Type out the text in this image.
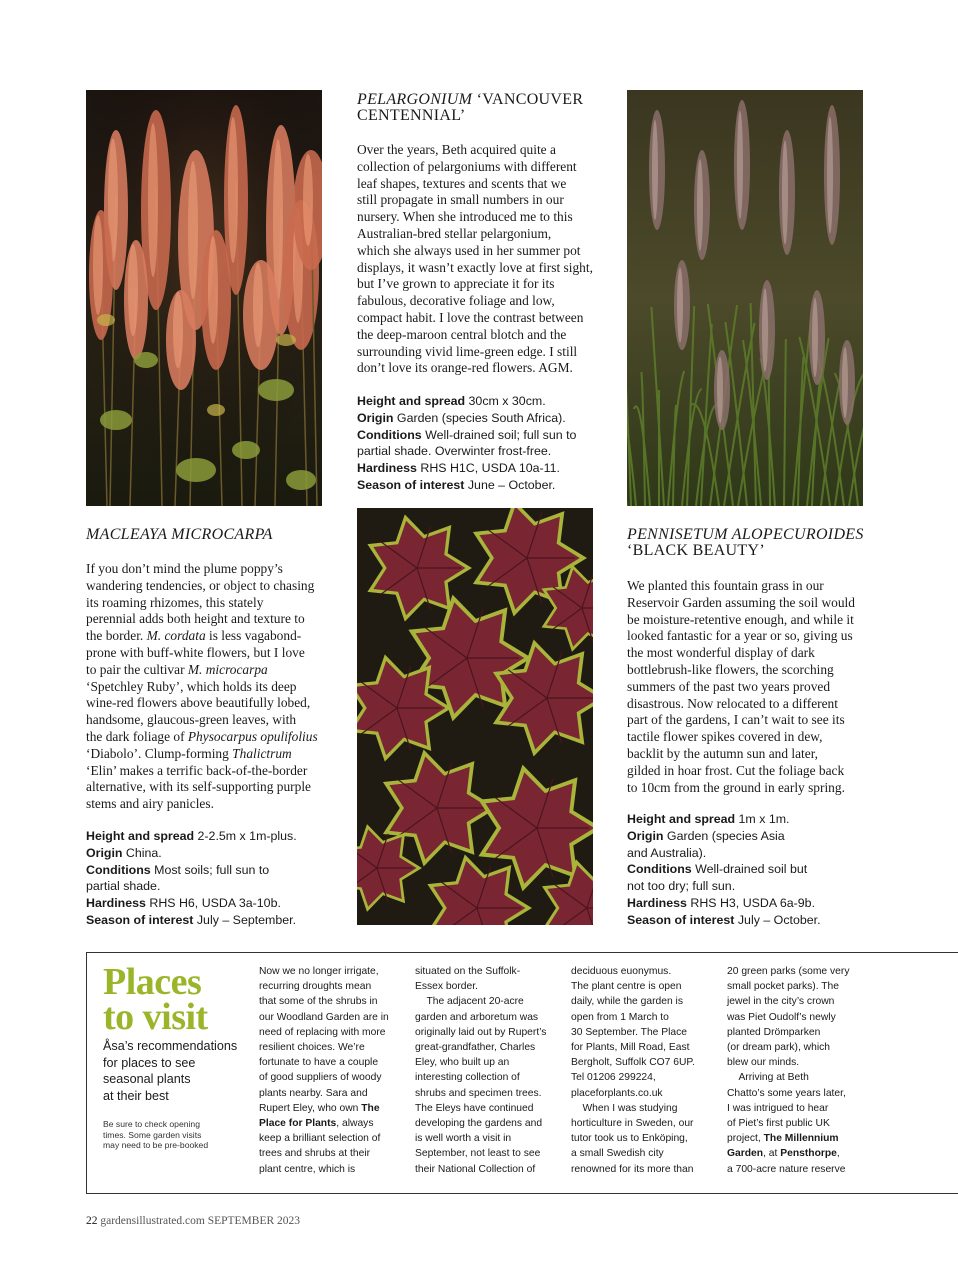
PELARGONIUM ‘VANCOUVER
CENTENNIAL’
Over the years, Beth acquired quite a
collection of pelargoniums with different
leaf shapes, textures and scents that we
still propagate in small numbers in our
nursery. When she introduced me to this
Australian-bred stellar pelargonium,
which she always used in her summer pot
displays, it wasn’t exactly love at first sight,
but I’ve grown to appreciate it for its
fabulous, decorative foliage and low,
compact habit. I love the contrast between
the deep-maroon central blotch and the
surrounding vivid lime-green edge. I still
don’t love its orange-red flowers. AGM.
Height and spread 30cm x 30cm.
Origin Garden (species South Africa).
Conditions Well-drained soil; full sun to
partial shade. Overwinter frost-free.
Hardiness RHS H1C, USDA 10a-11.
Season of interest June – October.
MACLEAYA MICROCARPA
If you don’t mind the plume poppy’s
wandering tendencies, or object to chasing
its roaming rhizomes, this stately
perennial adds both height and texture to
the border. M. cordata is less vagabond-
prone with buff-white flowers, but I love
to pair the cultivar M. microcarpa
‘Spetchley Ruby’, which holds its deep
wine-red flowers above beautifully lobed,
handsome, glaucous-green leaves, with
the dark foliage of Physocarpus opulifolius
‘Diabolo’. Clump-forming Thalictrum
‘Elin’ makes a terrific back-of-the-border
alternative, with its self-supporting purple
stems and airy panicles.
Height and spread 2-2.5m x 1m-plus.
Origin China.
Conditions Most soils; full sun to
partial shade.
Hardiness RHS H6, USDA 3a-10b.
Season of interest July – September.
PENNISETUM ALOPECUROIDES
‘BLACK BEAUTY’
We planted this fountain grass in our
Reservoir Garden assuming the soil would
be moisture-retentive enough, and while it
looked fantastic for a year or so, giving us
the most wonderful display of dark
bottlebrush-like flowers, the scorching
summers of the past two years proved
disastrous. Now relocated to a different
part of the gardens, I can’t wait to see its
tactile flower spikes covered in dew,
backlit by the autumn sun and later,
gilded in hoar frost. Cut the foliage back
to 10cm from the ground in early spring.
Height and spread 1m x 1m.
Origin Garden (species Asia
and Australia).
Conditions Well-drained soil but
not too dry; full sun.
Hardiness RHS H3, USDA 6a-9b.
Season of interest July – October.
Places
to visit
Åsa’s recommendations
for places to see
seasonal plants
at their best
Be sure to check opening
times. Some garden visits
may need to be pre-booked
Now we no longer irrigate,
recurring droughts mean
that some of the shrubs in
our Woodland Garden are in
need of replacing with more
resilient choices. We’re
fortunate to have a couple
of good suppliers of woody
plants nearby. Sara and
Rupert Eley, who own The
Place for Plants, always
keep a brilliant selection of
trees and shrubs at their
plant centre, which is
situated on the Suffolk-
Essex border.
The adjacent 20-acre
garden and arboretum was
originally laid out by Rupert’s
great-grandfather, Charles
Eley, who built up an
interesting collection of
shrubs and specimen trees.
The Eleys have continued
developing the gardens and
is well worth a visit in
September, not least to see
their National Collection of
deciduous euonymus.
The plant centre is open
daily, while the garden is
open from 1 March to
30 September. The Place
for Plants, Mill Road, East
Bergholt, Suffolk CO7 6UP.
Tel 01206 299224,
placeforplants.co.uk
When I was studying
horticulture in Sweden, our
tutor took us to Enköping,
a small Swedish city
renowned for its more than
20 green parks (some very
small pocket parks). The
jewel in the city’s crown
was Piet Oudolf’s newly
planted Drömparken
(or dream park), which
blew our minds.
Arriving at Beth
Chatto’s some years later,
I was intrigued to hear
of Piet’s first public UK
project, The Millennium
Garden, at Pensthorpe,
a 700-acre nature reserve
22 gardensillustrated.com SEPTEMBER 2023
